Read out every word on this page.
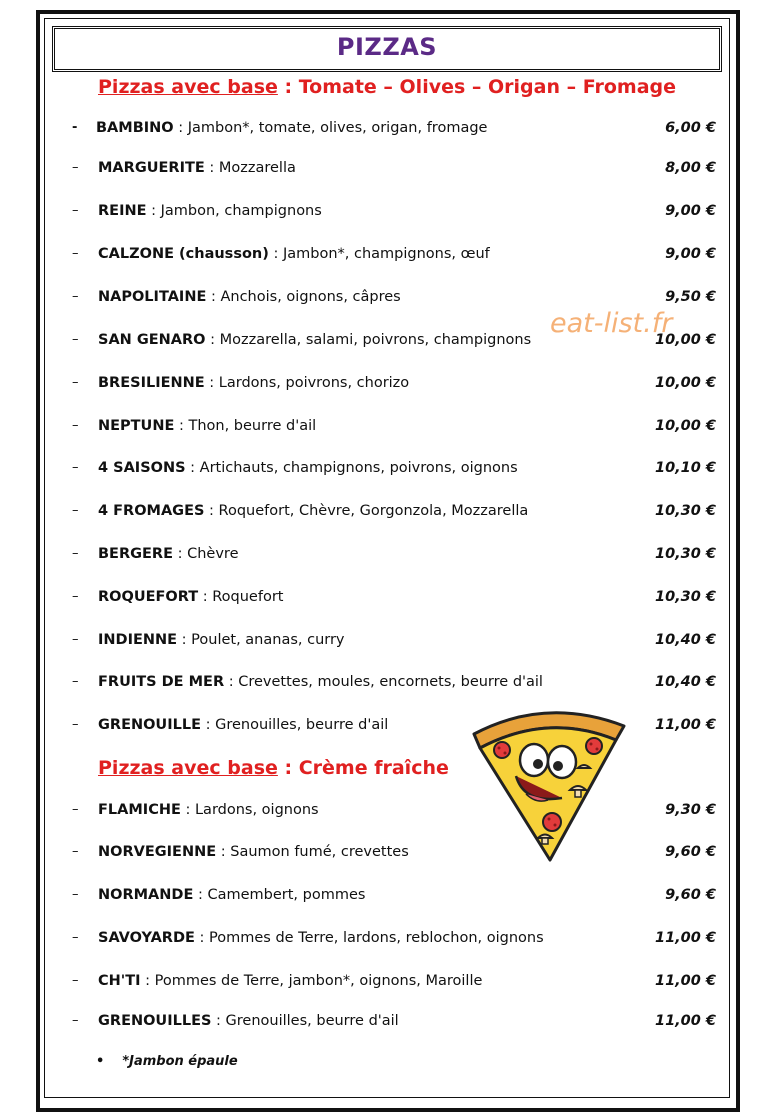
PIZZAS
Pizzas avec base : Tomate – Olives – Origan – Fromage
- BAMBINO : Jambon*, tomate, olives, origan, fromage	6,00 €
– MARGUERITE : Mozzarella	8,00 €
– REINE : Jambon, champignons	9,00 €
– CALZONE (chausson) : Jambon*, champignons, œuf	9,00 €
– NAPOLITAINE : Anchois, oignons, câpres	9,50 €
– SAN GENARO : Mozzarella, salami, poivrons, champignons	10,00 €
– BRESILIENNE : Lardons, poivrons, chorizo	10,00 €
– NEPTUNE : Thon, beurre d'ail	10,00 €
– 4 SAISONS : Artichauts, champignons, poivrons, oignons	10,10 €
– 4 FROMAGES : Roquefort, Chèvre, Gorgonzola, Mozzarella	10,30 €
– BERGERE : Chèvre	10,30 €
– ROQUEFORT : Roquefort	10,30 €
– INDIENNE : Poulet, ananas, curry	10,40 €
– FRUITS DE MER : Crevettes, moules, encornets, beurre d'ail	10,40 €
– GRENOUILLE : Grenouilles, beurre d'ail	11,00 €
Pizzas avec base : Crème fraîche
– FLAMICHE : Lardons, oignons	9,30 €
– NORVEGIENNE : Saumon fumé, crevettes	9,60 €
– NORMANDE : Camembert, pommes	9,60 €
– SAVOYARDE : Pommes de Terre, lardons, reblochon, oignons	11,00 €
– CH'TI : Pommes de Terre, jambon*, oignons, Maroille	11,00 €
– GRENOUILLES : Grenouilles, beurre d'ail	11,00 €
eat-list.fr
• *Jambon épaule
